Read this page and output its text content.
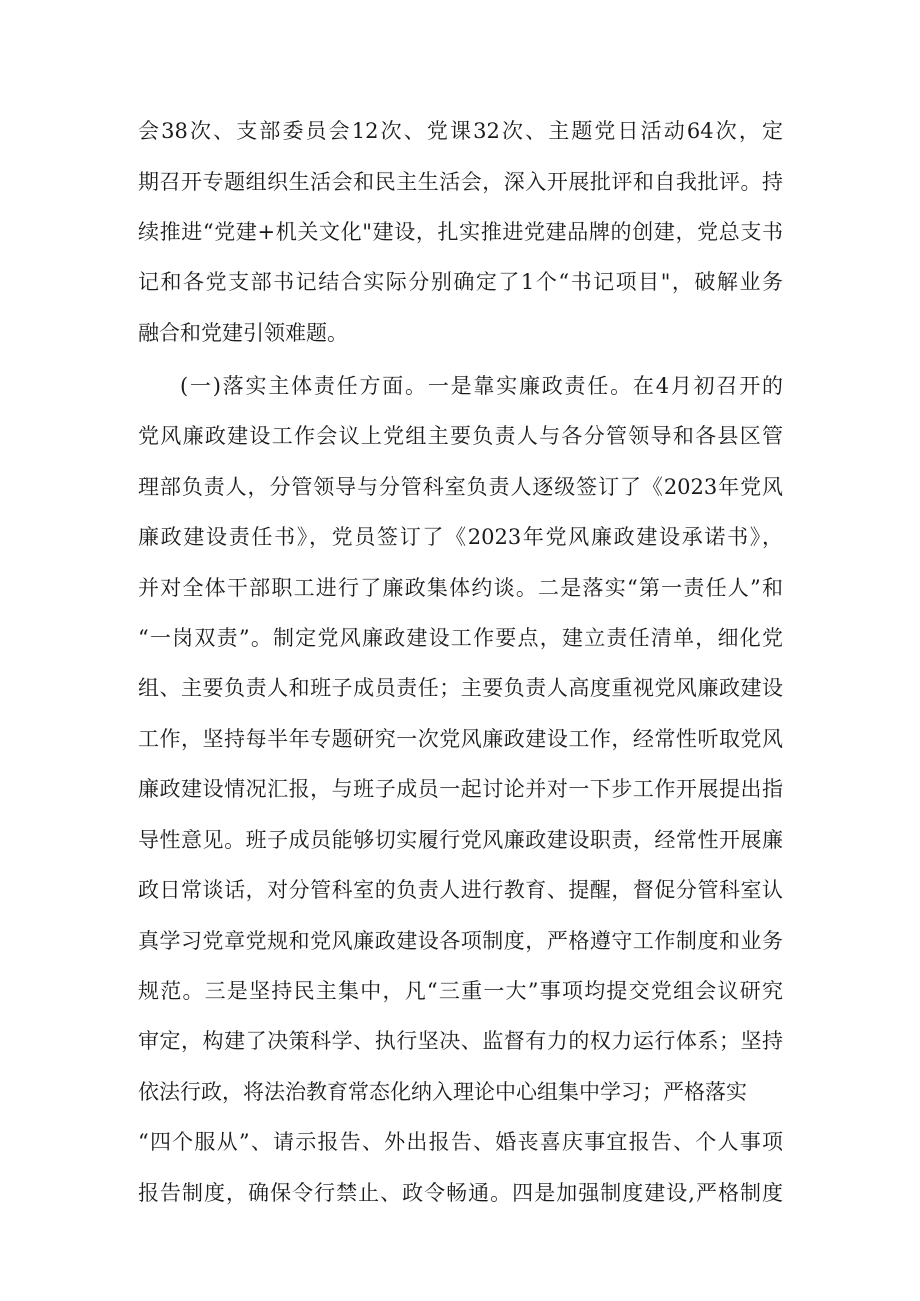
会38次、支部委员会12次、党课32次、主题党日活动64次，定
期召开专题组织生活会和民主生活会，深入开展批评和自我批评。持
续推进“党建+机关文化"建设，扎实推进党建品牌的创建，党总支书
记和各党支部书记结合实际分别确定了1个“书记项目"，破解业务
融合和党建引领难题。
(一)落实主体责任方面。一是靠实廉政责任。在4月初召开的
党风廉政建设工作会议上党组主要负责人与各分管领导和各县区管
理部负责人，分管领导与分管科室负责人逐级签订了《2023年党风
廉政建设责任书》，党员签订了《2023年党风廉政建设承诺书》，
并对全体干部职工进行了廉政集体约谈。二是落实“第一责任人”和
“一岗双责”。制定党风廉政建设工作要点，建立责任清单，细化党
组、主要负责人和班子成员责任；主要负责人高度重视党风廉政建设
工作，坚持每半年专题研究一次党风廉政建设工作，经常性听取党风
廉政建设情况汇报，与班子成员一起讨论并对一下步工作开展提出指
导性意见。班子成员能够切实履行党风廉政建设职责，经常性开展廉
政日常谈话，对分管科室的负责人进行教育、提醒，督促分管科室认
真学习党章党规和党风廉政建设各项制度，严格遵守工作制度和业务
规范。三是坚持民主集中，凡“三重一大”事项均提交党组会议研究
审定，构建了决策科学、执行坚决、监督有力的权力运行体系；坚持
依法行政，将法治教育常态化纳入理论中心组集中学习；严格落实
“四个服从”、请示报告、外出报告、婚丧喜庆事宜报告、个人事项
报告制度，确保令行禁止、政令畅通。四是加强制度建设,严格制度
